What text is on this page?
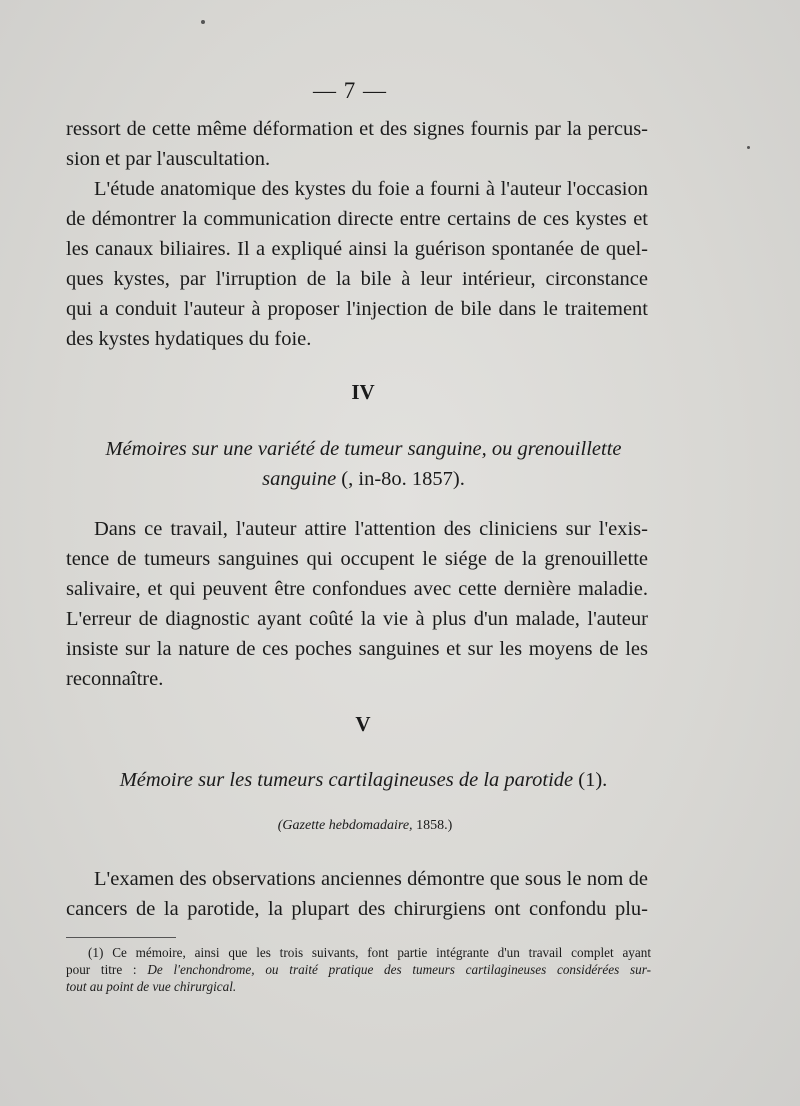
— 7 —

ressort de cette même déformation et des signes fournis par la percus-
sion et par l'auscultation.

L'étude anatomique des kystes du foie a fourni à l'auteur l'occasion
de démontrer la communication directe entre certains de ces kystes et
les canaux biliaires. Il a expliqué ainsi la guérison spontanée de quel-
ques kystes, par l'irruption de la bile à leur intérieur, circonstance
qui a conduit l'auteur à proposer l'injection de bile dans le traitement
des kystes hydatiques du foie.

IV

Mémoires sur une variété de tumeur sanguine, ou grenouillette
sanguine (, in-8o. 1857).

Dans ce travail, l'auteur attire l'attention des cliniciens sur l'exis-
tence de tumeurs sanguines qui occupent le siége de la grenouillette
salivaire, et qui peuvent être confondues avec cette dernière maladie.
L'erreur de diagnostic ayant coûté la vie à plus d'un malade, l'auteur
insiste sur la nature de ces poches sanguines et sur les moyens de les
reconnaître.

V

Mémoire sur les tumeurs cartilagineuses de la parotide (1).

(Gazette hebdomadaire, 1858.)

L'examen des observations anciennes démontre que sous le nom de
cancers de la parotide, la plupart des chirurgiens ont confondu plu-

(1) Ce mémoire, ainsi que les trois suivants, font partie intégrante d'un travail complet ayant
pour titre : De l'enchondrome, ou traité pratique des tumeurs cartilagineuses considérées sur-
tout au point de vue chirurgical.
